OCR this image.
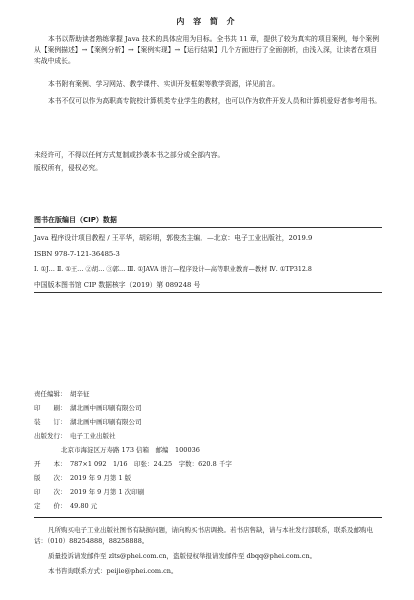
内 容 简 介
本书以帮助读者熟练掌握 Java 技术的具体应用为目标。全书共 11 章，提供了较为真实的项目案例，每个案例从【案例描述】→【案例分析】→【案例实现】→【运行结果】几个方面进行了全面剖析，由浅入深，让读者在项目实战中成长。
本书附有案例、学习网站、教学课件、实训开发框架等教学资源，详见前言。
本书不仅可以作为高职高专院校计算机类专业学生的教材，也可以作为软件开发人员和计算机爱好者参考用书。
未经许可，不得以任何方式复制或抄袭本书之部分或全部内容。
版权所有，侵权必究。
图书在版编目（CIP）数据
Java 程序设计项目教程 / 王平华，胡彩明，郭俊杰主编．—北京：电子工业出版社，2019.9
ISBN 978-7-121-36485-3
Ⅰ. ①J… Ⅱ. ①王… ②胡… ③郭… Ⅲ. ①JAVA 语言—程序设计—高等职业教育—教材 Ⅳ. ①TP312.8
中国版本图书馆 CIP 数据核字（2019）第 089248 号
责任编辑： 胡辛征
印　　刷： 湖北画中画印刷有限公司
装　　订： 湖北画中画印刷有限公司
出版发行： 电子工业出版社
北京市海淀区万寿路 173 信箱　邮编　100036
开　　本： 787×1 092　1/16　印张：24.25　字数：620.8 千字
版　　次： 2019 年 9 月第 1 版
印　　次： 2019 年 9 月第 1 次印刷
定　　价： 49.80 元
凡所购买电子工业出版社图书有缺损问题，请向购买书店调换。若书店售缺，请与本社发行部联系，联系及邮购电话：（010）88254888，88258888。
质量投诉请发邮件至 zlts@phei.com.cn，盗版侵权举报请发邮件至 dbqq@phei.com.cn。
本书咨询联系方式：peijie@phei.com.cn。
